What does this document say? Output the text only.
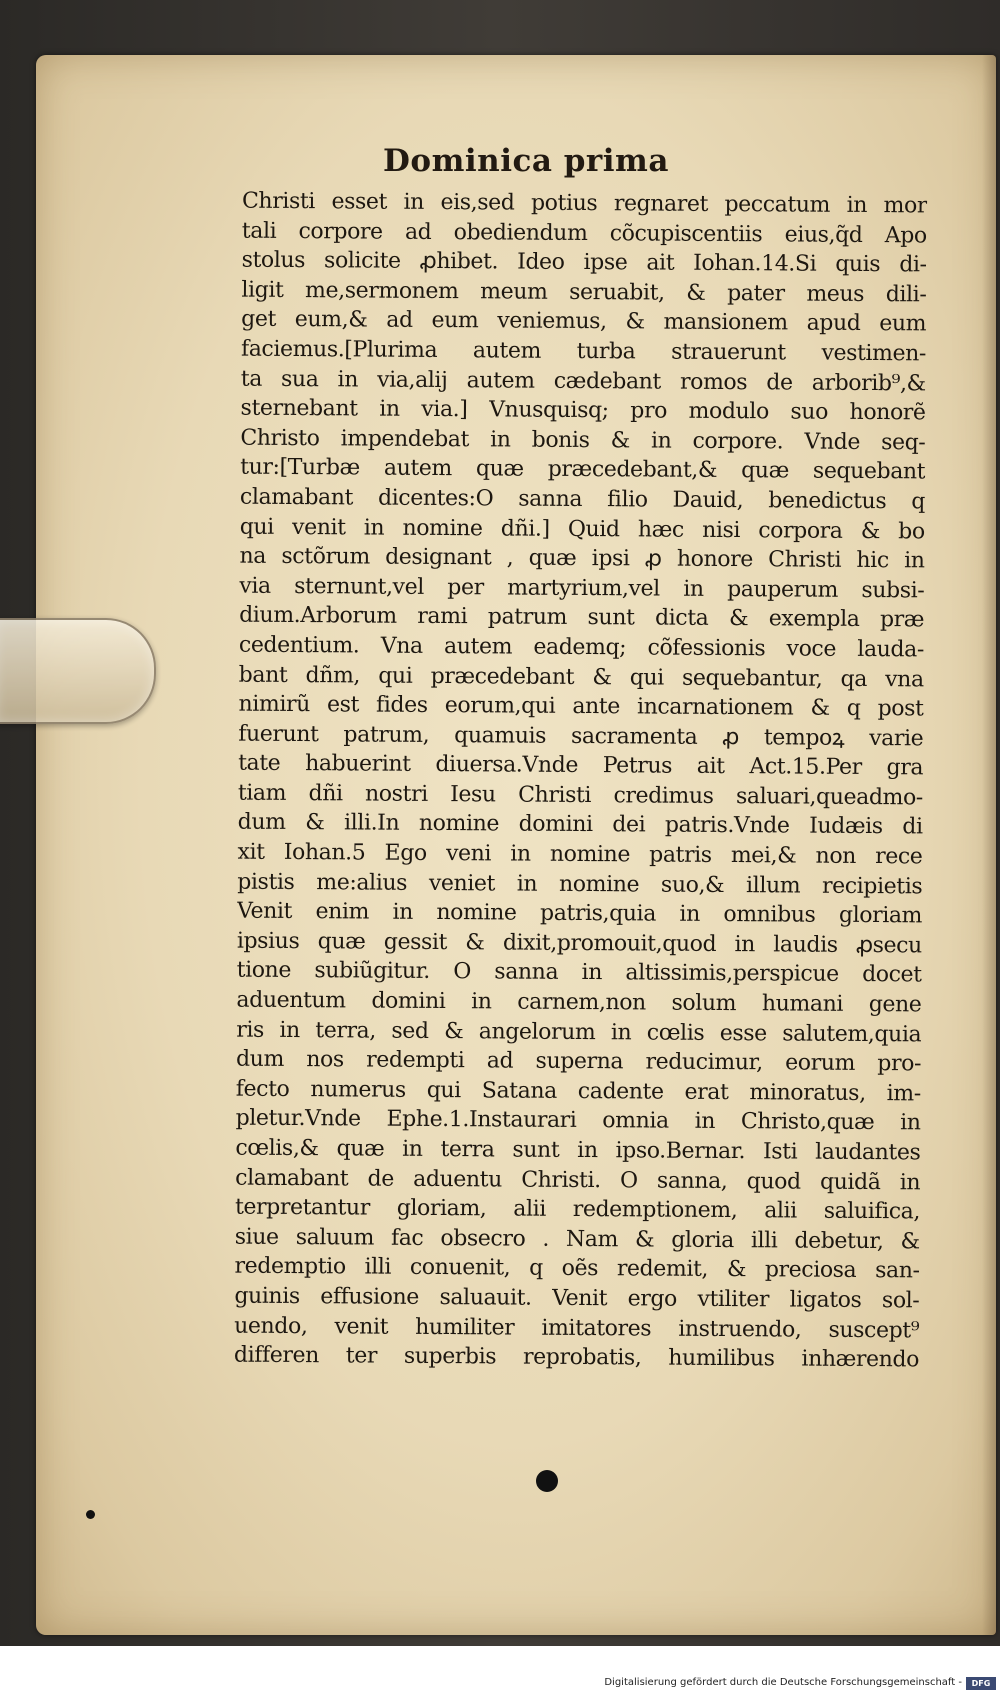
Dominica prima
Christi esset in eis,sed potius regnaret peccatum in mor
tali corpore ad obediendum cõcupiscentiis eius,q̃d Apo
stolus solicite ꝓhibet. Ideo ipse ait Iohan.14.Si quis di-
ligit me,sermonem meum seruabit, & pater meus dili-
get eum,& ad eum veniemus, & mansionem apud eum
faciemus.[Plurima autem turba strauerunt vestimen-
ta sua in via,alij autem cædebant romos de arborib⁹,&
sternebant in via.] Vnusquisq; pro modulo suo honorẽ
Christo impendebat in bonis & in corpore. Vnde seq-
tur:[Turbæ autem quæ præcedebant,& quæ sequebant
clamabant dicentes:O sanna filio Dauid, benedictus q
qui venit in nomine dñi.] Quid hæc nisi corpora & bo
na sctõrum designant , quæ ipsi ꝓ honore Christi hic in
via sternunt,vel per martyrium,vel in pauperum subsi-
dium.Arborum rami patrum sunt dicta & exempla præ
cedentium. Vna autem eademq; cõfessionis voce lauda-
bant dñm, qui præcedebant & qui sequebantur, qa vna
nimirũ est fides eorum,qui ante incarnationem & q post
fuerunt patrum, quamuis sacramenta ꝓ tempoꝝ varie
tate habuerint diuersa.Vnde Petrus ait Act.15.Per gra
tiam dñi nostri Iesu Christi credimus saluari,queadmo-
dum & illi.In nomine domini dei patris.Vnde Iudæis di
xit Iohan.5 Ego veni in nomine patris mei,& non rece
pistis me:alius veniet in nomine suo,& illum recipietis
Venit enim in nomine patris,quia in omnibus gloriam
ipsius quæ gessit & dixit,promouit,quod in laudis ꝓsecu
tione subiũgitur. O sanna in altissimis,perspicue docet
aduentum domini in carnem,non solum humani gene
ris in terra, sed & angelorum in cœlis esse salutem,quia
dum nos redempti ad superna reducimur, eorum pro-
fecto numerus qui Satana cadente erat minoratus, im-
pletur.Vnde Ephe.1.Instaurari omnia in Christo,quæ in
cœlis,& quæ in terra sunt in ipso.Bernar. Isti laudantes
clamabant de aduentu Christi. O sanna, quod quidã in
terpretantur gloriam, alii redemptionem, alii saluifica,
siue saluum fac obsecro . Nam & gloria illi debetur, &
redemptio illi conuenit, q oẽs redemit, & preciosa san-
guinis effusione saluauit. Venit ergo vtiliter ligatos sol-
uendo, venit humiliter imitatores instruendo, suscept⁹
differen ter superbis reprobatis, humilibus inhærendo
Digitalisierung gefördert durch die Deutsche Forschungsgemeinschaft -	DFG
